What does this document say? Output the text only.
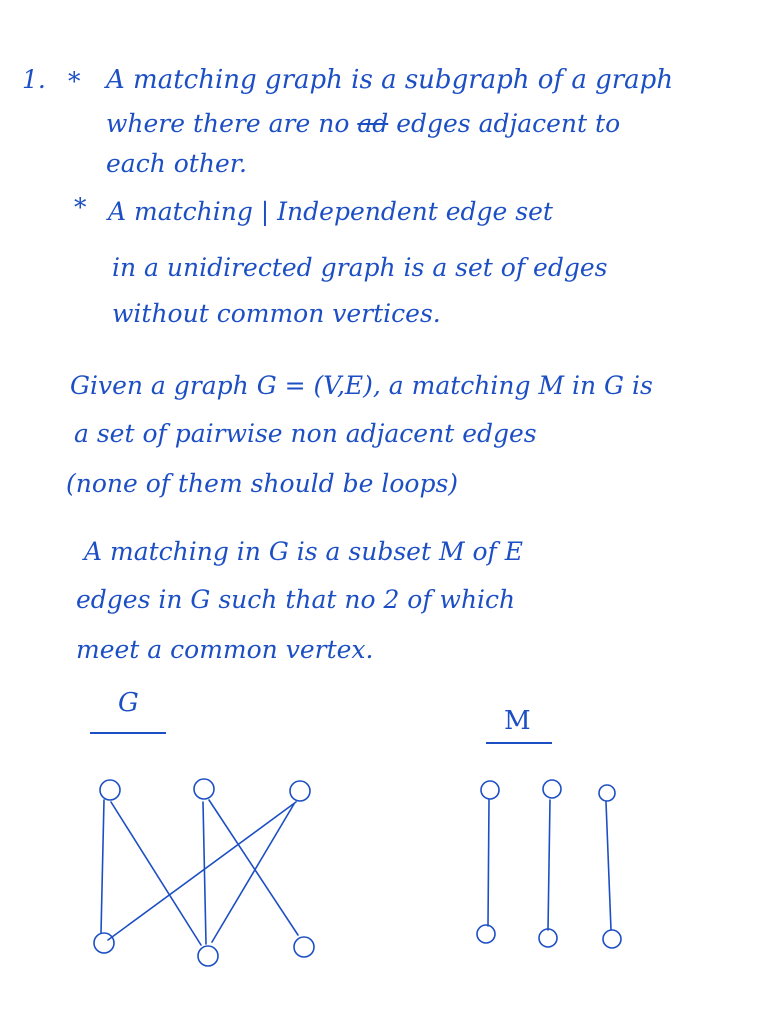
1. *
*
A matching graph is a subgraph of a graph
where there are no ad edges adjacent to
each other.
A matching | Independent edge set
in a unidirected graph is a set of edges
without common vertices.
Given a graph G = (V,E), a matching M in G is
a set of pairwise non adjacent edges
(none of them should be loops)
A matching in G is a subset M of E
edges in G such that no 2 of which
meet a common vertex.
G
M
